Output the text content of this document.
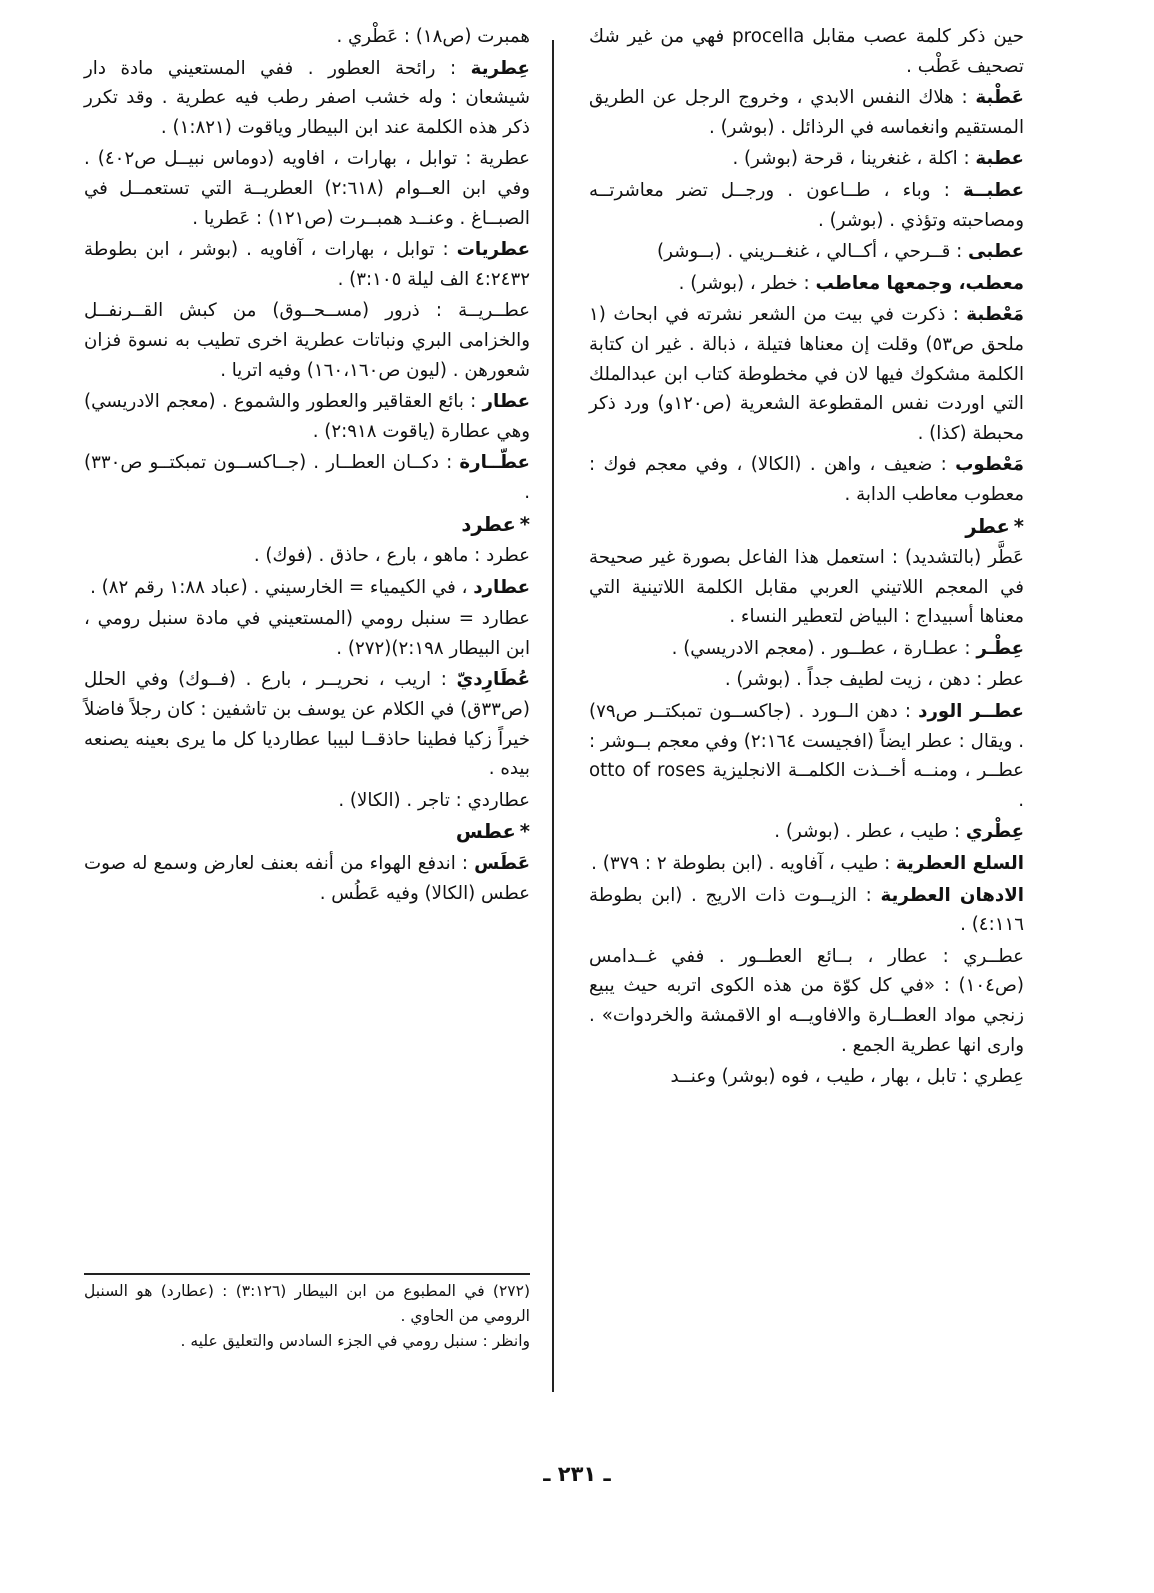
حين ذكر كلمة عصب مقابل procella فهي من غير شك تصحيف عَطْب .
عَطْبة : هلاك النفس الابدي ، وخروج الرجل عن الطريق المستقيم وانغماسه في الرذائل . (بوشر) .
عطبة : اكلة ، غنغرينا ، قرحة (بوشر) .
عطبــة : وباء ، طــاعون . ورجــل تضر معاشرتــه ومصاحبته وتؤذي . (بوشر) .
عطبى : قــرحي ، أكــالي ، غنغــريني . (بــوشر)
معطب، وجمعها معاطب : خطر ، (بوشر) .
مَعْطبة : ذكرت في بيت من الشعر نشرته في ابحاث (١ ملحق ص٥٣) وقلت إن معناها فتيلة ، ذبالة . غير ان كتابة الكلمة مشكوك فيها لان في مخطوطة كتاب ابن عبدالملك التي اوردت نفس المقطوعة الشعرية (ص١٢٠و) ورد ذكر محبطة (كذا) .
مَعْطوب : ضعيف ، واهن . (الكالا) ، وفي معجم فوك : معطوب معاطب الدابة .
*عطر
عَطَّر (بالتشديد) : استعمل هذا الفاعل بصورة غير صحيحة في المعجم اللاتيني العربي مقابل الكلمة اللاتينية التي معناها أسبيداج : البياض لتعطير النساء .
عِطْـر : عطـارة ، عطــور . (معجم الادريسي) .
عطر : دهن ، زيت لطيف جداً . (بوشر) .
عطــر الورد : دهن الــورد . (جاكســون تمبكتــر ص٧٩) . ويقال : عطر ايضاً (افجيست ٢:١٦٤) وفي معجم بــوشر : عطــر ، ومنــه أخــذت الكلمــة الانجليزية otto of roses .
عِطْري : طيب ، عطر . (بوشر) .
السلع العطرية : طيب ، آفاويه . (ابن بطوطة ٢ : ٣٧٩) .
الادهان العطرية : الزيــوت ذات الاريج . (ابن بطوطة ٤:١١٦) .
عطــري : عطار ، بــائع العطــور . ففي غــدامس (ص١٠٤) : «في كل كوّة من هذه الكوى اتربه حيث يبيع زنجي مواد العطــارة والافاويــه او الاقمشة والخردوات» . وارى انها عطرية الجمع .
عِطري : تابل ، بهار ، طيب ، فوه (بوشر) وعنــد
همبرت (ص١٨) : عَطْري .
عِطرية : رائحة العطور . ففي المستعيني مادة دار شيشعان : وله خشب اصفر رطب فيه عطرية . وقد تكرر ذكر هذه الكلمة عند ابن البيطار وياقوت (١:٨٢١) .
عطرية : توابل ، بهارات ، افاويه (دوماس نبيــل ص٤٠٢) . وفي ابن العــوام (٢:٦١٨) العطريــة التي تستعمــل في الصبــاغ . وعنــد همبــرت (ص١٢١) : عَطريا .
عطريات : توابل ، بهارات ، آفاويه . (بوشر ، ابن بطوطة ٤:٢٤٣٢ الف ليلة ٣:١٠٥) .
عطــريــة : ذرور (مســحــوق) من كبش القــرنفــل والخزامى البري ونباتات عطرية اخرى تطيب به نسوة فزان شعورهن . (ليون ص١٦٠،١٦٠) وفيه اتريا .
عطار : بائع العقاقير والعطور والشموع . (معجم الادريسي) وهي عطارة (ياقوت ٢:٩١٨) .
عطّــارة : دكــان العطــار . (جــاكســون تمبكتــو ص٣٣٠) .
*عطرد
عطرد : ماهو ، بارع ، حاذق . (فوك) .
عطارد ، في الكيمياء = الخارسيني . (عباد ١:٨٨ رقم ٨٢) .
عطارد = سنبل رومي (المستعيني في مادة سنبل رومي ، ابن البيطار ٢:١٩٨)(٢٧٢) .
عُطَارِديّ : اريب ، نحريــر ، بارع . (فــوك) وفي الحلل (ص٣٣ق) في الكلام عن يوسف بن تاشفين : كان رجلاً فاضلاً خيراً زكيا فطينا حاذقــا لبيبا عطارديا كل ما يرى بعينه يصنعه بيده .
عطاردي : تاجر . (الكالا) .
*عطس
عَطَس : اندفع الهواء من أنفه بعنف لعارض وسمع له صوت عطس (الكالا) وفيه عَطُس .
(٢٧٢) في المطبوع من ابن البيطار (٣:١٢٦) : (عطارد) هو السنبل الرومي من الحاوي .
وانظر : سنبل رومي في الجزء السادس والتعليق عليه .
ـ ٢٣١ ـ
